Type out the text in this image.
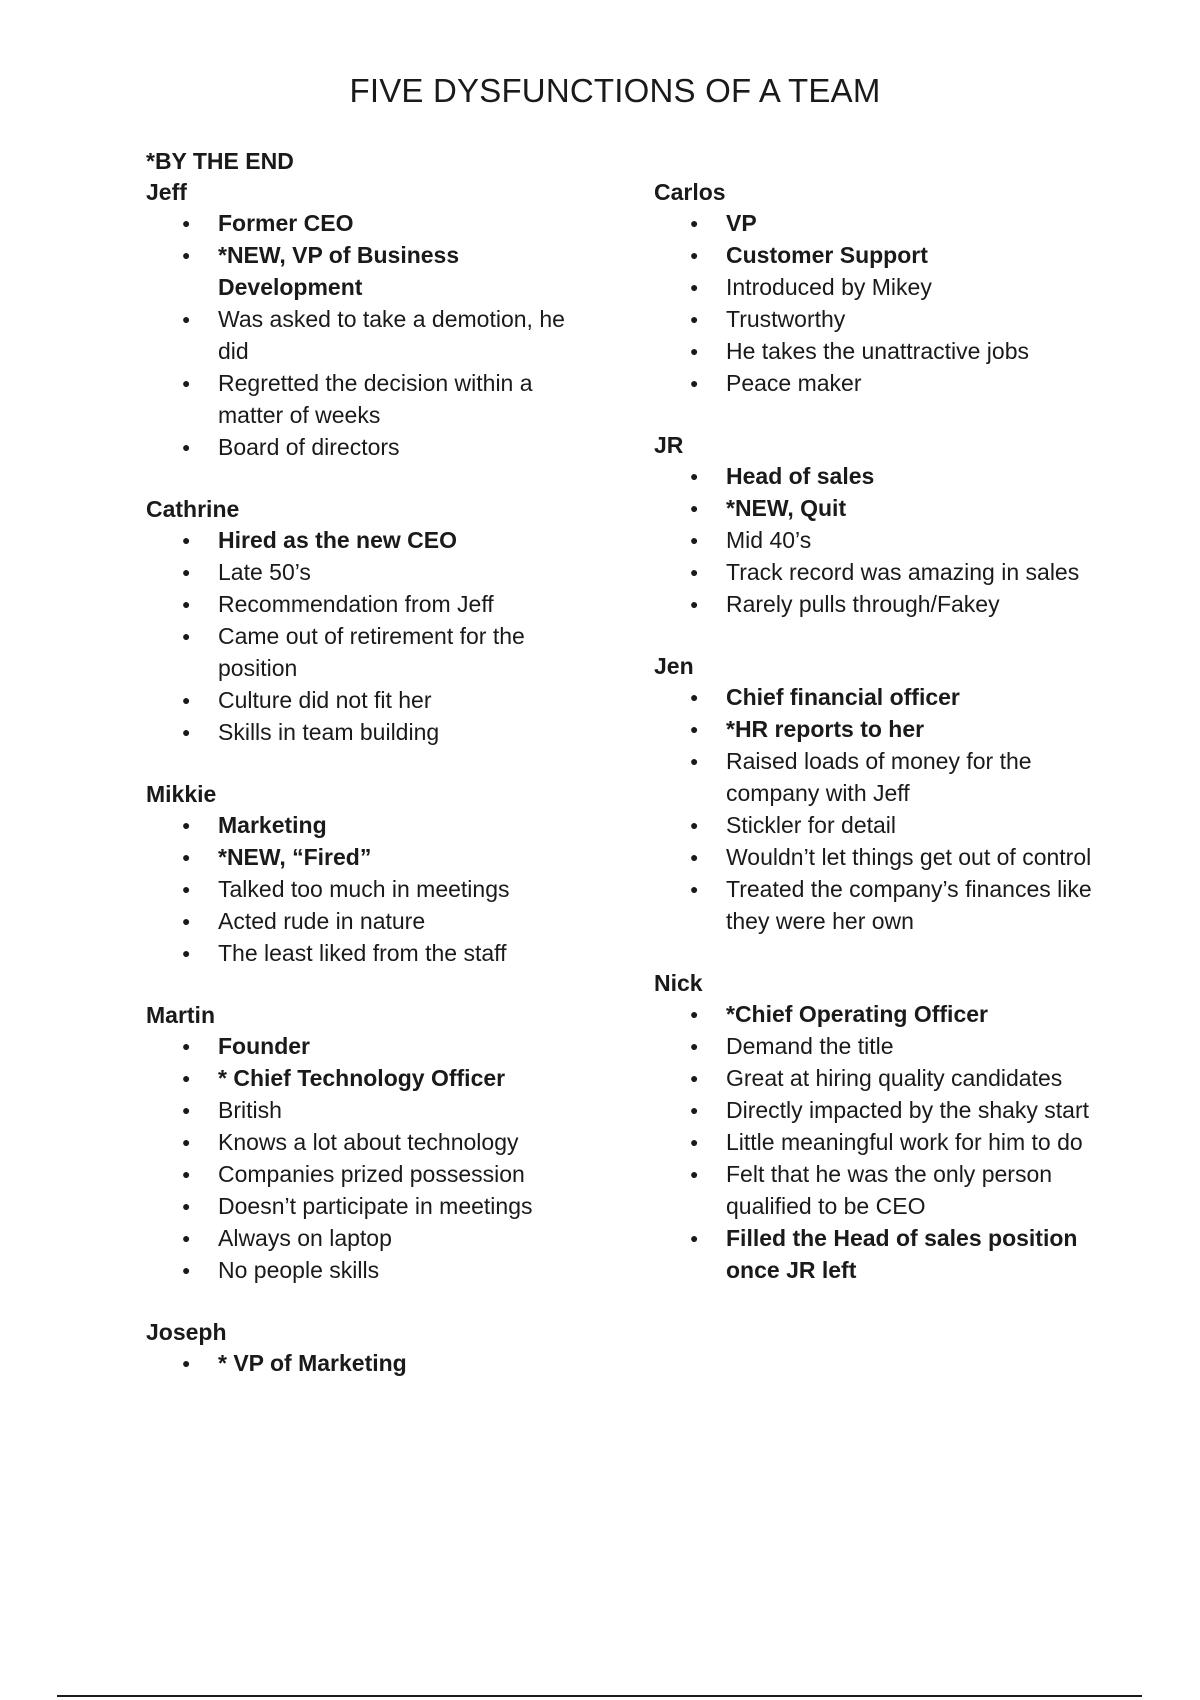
FIVE DYSFUNCTIONS OF A TEAM
*BY THE END
Jeff
● Former CEO
● *NEW, VP of Business Development
● Was asked to take a demotion, he did
● Regretted the decision within a matter of weeks
● Board of directors
Cathrine
● Hired as the new CEO
● Late 50’s
● Recommendation from Jeff
● Came out of retirement for the position
● Culture did not fit her
● Skills in team building
Mikkie
● Marketing
● *NEW, “Fired”
● Talked too much in meetings
● Acted rude in nature
● The least liked from the staff
Martin
● Founder
● * Chief Technology Officer
● British
● Knows a lot about technology
● Companies prized possession
● Doesn’t participate in meetings
● Always on laptop
● No people skills
Joseph
● * VP of Marketing
Carlos
● VP
● Customer Support
● Introduced by Mikey
● Trustworthy
● He takes the unattractive jobs
● Peace maker
JR
● Head of sales
● *NEW, Quit
● Mid 40’s
● Track record was amazing in sales
● Rarely pulls through/Fakey
Jen
● Chief financial officer
● *HR reports to her
● Raised loads of money for the company with Jeff
● Stickler for detail
● Wouldn’t let things get out of control
● Treated the company’s finances like they were her own
Nick
● *Chief Operating Officer
● Demand the title
● Great at hiring quality candidates
● Directly impacted by the shaky start
● Little meaningful work for him to do
● Felt that he was the only person qualified to be CEO
● Filled the Head of sales position once JR left
